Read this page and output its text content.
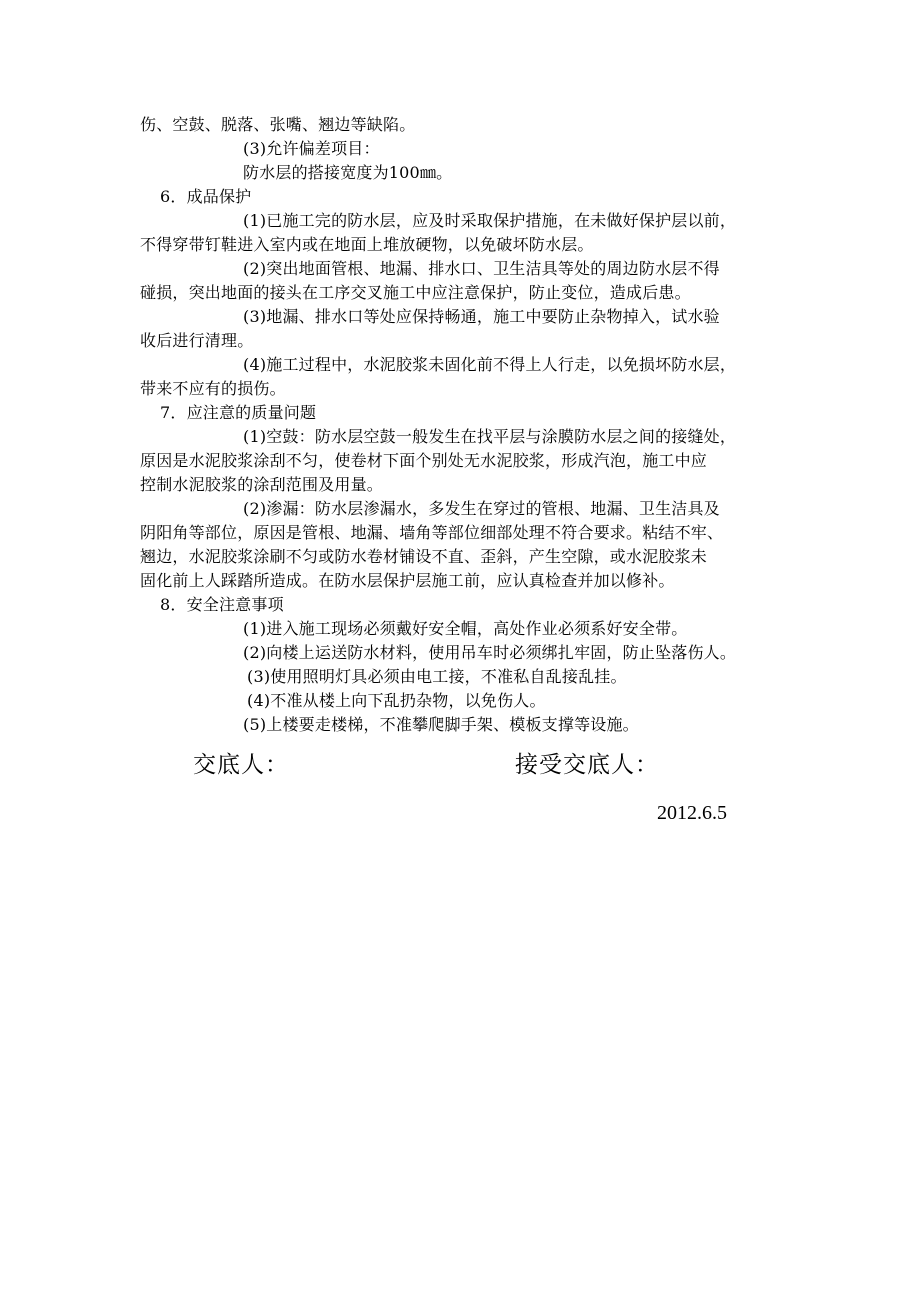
伤、空鼓、脱落、张嘴、翘边等缺陷。
(3)允许偏差项目：
防水层的搭接宽度为100㎜。
6．成品保护
(1)已施工完的防水层，应及时采取保护措施，在未做好保护层以前，
不得穿带钉鞋进入室内或在地面上堆放硬物，以免破坏防水层。
(2)突出地面管根、地漏、排水口、卫生洁具等处的周边防水层不得
碰损，突出地面的接头在工序交叉施工中应注意保护，防止变位，造成后患。
(3)地漏、排水口等处应保持畅通，施工中要防止杂物掉入，试水验
收后进行清理。
(4)施工过程中，水泥胶浆未固化前不得上人行走，以免损坏防水层，
带来不应有的损伤。
7．应注意的质量问题
(1)空鼓：防水层空鼓一般发生在找平层与涂膜防水层之间的接缝处，
原因是水泥胶浆涂刮不匀，使卷材下面个别处无水泥胶浆，形成汽泡，施工中应
控制水泥胶浆的涂刮范围及用量。
(2)渗漏：防水层渗漏水，多发生在穿过的管根、地漏、卫生洁具及
阴阳角等部位，原因是管根、地漏、墙角等部位细部处理不符合要求。粘结不牢、
翘边，水泥胶浆涂刷不匀或防水卷材铺设不直、歪斜，产生空隙，或水泥胶浆未
固化前上人踩踏所造成。在防水层保护层施工前，应认真检查并加以修补。
8．安全注意事项
(1)进入施工现场必须戴好安全帽，高处作业必须系好安全带。
(2)向楼上运送防水材料，使用吊车时必须绑扎牢固，防止坠落伤人。
(3)使用照明灯具必须由电工接，不准私自乱接乱挂。
(4)不准从楼上向下乱扔杂物，以免伤人。
(5)上楼要走楼梯，不准攀爬脚手架、模板支撑等设施。
交底人：	接受交底人：
2012.6.5
